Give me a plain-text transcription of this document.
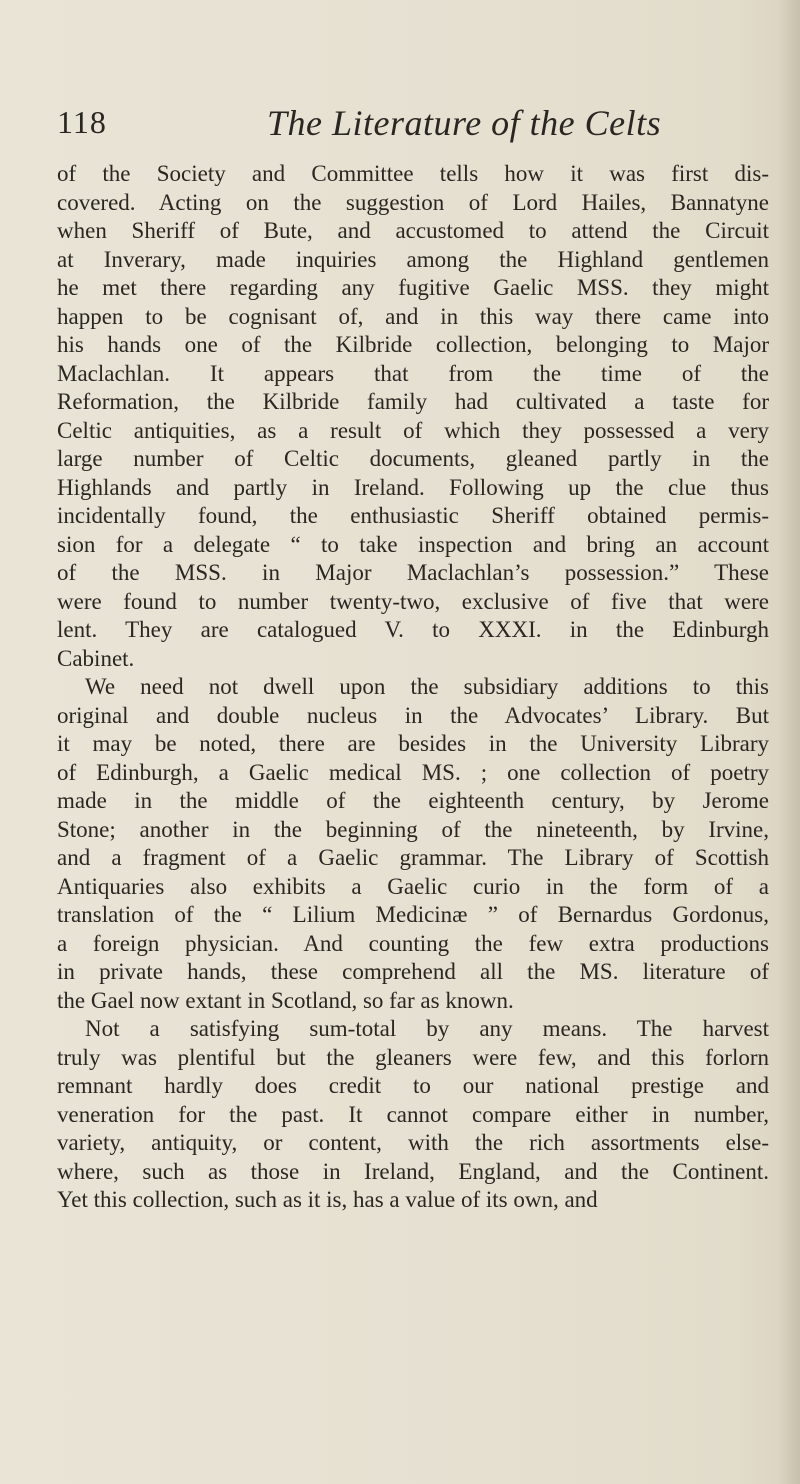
118	The Literature of the Celts
of the Society and Committee tells how it was first dis-
covered. Acting on the suggestion of Lord Hailes, Bannatyne
when Sheriff of Bute, and accustomed to attend the Circuit
at Inverary, made inquiries among the Highland gentlemen
he met there regarding any fugitive Gaelic MSS. they might
happen to be cognisant of, and in this way there came into
his hands one of the Kilbride collection, belonging to Major
Maclachlan. It appears that from the time of the
Reformation, the Kilbride family had cultivated a taste for
Celtic antiquities, as a result of which they possessed a very
large number of Celtic documents, gleaned partly in the
Highlands and partly in Ireland. Following up the clue thus
incidentally found, the enthusiastic Sheriff obtained permis-
sion for a delegate “ to take inspection and bring an account
of the MSS. in Major Maclachlan’s possession.” These
were found to number twenty-two, exclusive of five that were
lent. They are catalogued V. to XXXI. in the Edinburgh
Cabinet.
We need not dwell upon the subsidiary additions to this
original and double nucleus in the Advocates’ Library. But
it may be noted, there are besides in the University Library
of Edinburgh, a Gaelic medical MS. ; one collection of poetry
made in the middle of the eighteenth century, by Jerome
Stone; another in the beginning of the nineteenth, by Irvine,
and a fragment of a Gaelic grammar. The Library of Scottish
Antiquaries also exhibits a Gaelic curio in the form of a
translation of the “ Lilium Medicinæ ” of Bernardus Gordonus,
a foreign physician. And counting the few extra productions
in private hands, these comprehend all the MS. literature of
the Gael now extant in Scotland, so far as known.
Not a satisfying sum-total by any means. The harvest
truly was plentiful but the gleaners were few, and this forlorn
remnant hardly does credit to our national prestige and
veneration for the past. It cannot compare either in number,
variety, antiquity, or content, with the rich assortments else-
where, such as those in Ireland, England, and the Continent.
Yet this collection, such as it is, has a value of its own, and
